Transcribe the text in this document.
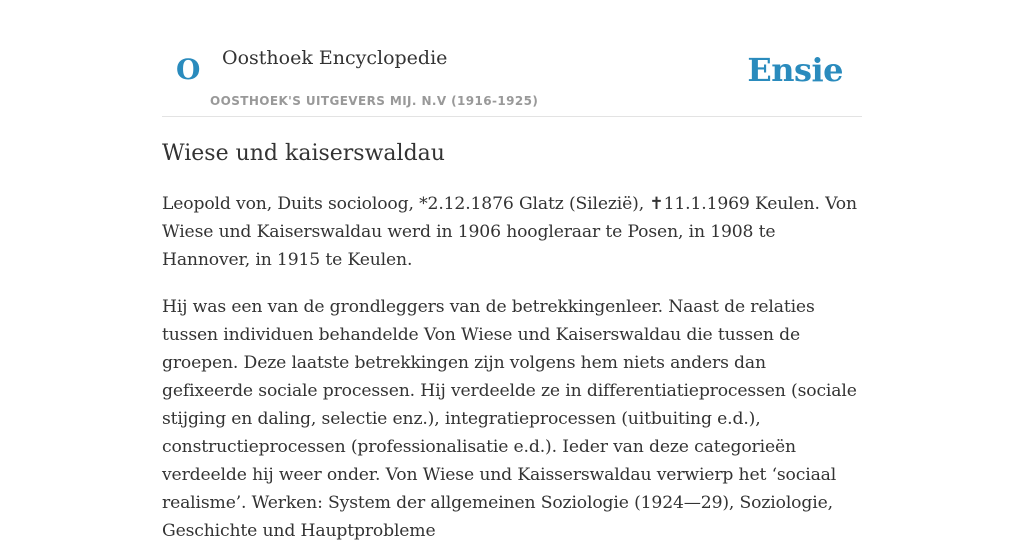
O Oosthoek Encyclopedie
OOSTHOEK'S UITGEVERS MIJ. N.V (1916-1925)
Ensie
Wiese und kaiserswaldau

Leopold von, Duits socioloog, *2.12.1876 Glatz (Silezië), ✝11.1.1969 Keulen. Von Wiese und Kaiserswaldau werd in 1906 hoogleraar te Posen, in 1908 te Hannover, in 1915 te Keulen.

Hij was een van de grondleggers van de betrekkingenleer. Naast de relaties tussen individuen behandelde Von Wiese und Kaiserswaldau die tussen de groepen. Deze laatste betrekkingen zijn volgens hem niets anders dan gefixeerde sociale processen. Hij verdeelde ze in differentiatieprocessen (sociale stijging en daling, selectie enz.), integratieprocessen (uitbuiting e.d.), constructieprocessen (professionalisatie e.d.). Ieder van deze categorieën verdeelde hij weer onder. Von Wiese und Kaisserswaldau verwierp het ‘sociaal realisme’. Werken: System der allgemeinen Soziologie (1924—29), Soziologie, Geschichte und Hauptprobleme
